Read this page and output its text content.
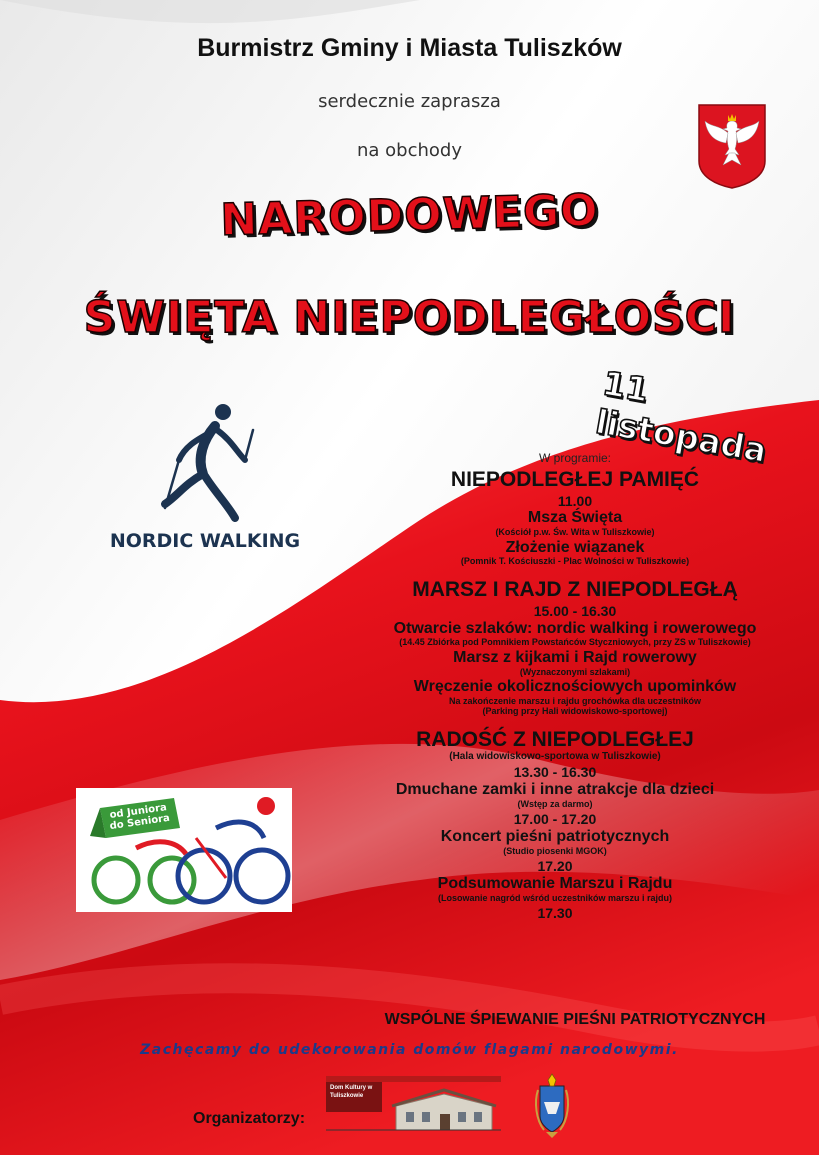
Burmistrz Gminy i Miasta Tuliszków
serdecznie zaprasza
na obchody
NARODOWEGO
ŚWIĘTA NIEPODLEGŁOŚCI
11 listopada
NORDIC WALKING
W programie:
NIEPODLEGŁEJ PAMIĘĆ
11.00
Msza Święta
(Kościół p.w. Św. Wita w Tuliszkowie)
Złożenie wiązanek
(Pomnik T. Kościuszki - Plac Wolności w Tuliszkowie)
MARSZ I RAJD Z NIEPODLEGŁĄ
15.00 - 16.30
Otwarcie szlaków: nordic walking i rowerowego
(14.45 Zbiórka pod Pomnikiem Powstańców Styczniowych, przy ZS w Tuliszkowie)
Marsz z kijkami i Rajd rowerowy
(Wyznaczonymi szlakami)
Wręczenie okolicznościowych upominków
Na zakończenie marszu i rajdu grochówka dla uczestników
(Parking przy Hali widowiskowo-sportowej)
RADOŚĆ Z NIEPODLEGŁEJ
(Hala widowiskowo-sportowa w Tuliszkowie)
13.30 - 16.30
Dmuchane zamki i inne atrakcje dla dzieci
(Wstęp za darmo)
17.00 - 17.20
Koncert pieśni patriotycznych
(Studio piosenki MGOK)
17.20
Podsumowanie Marszu i Rajdu
(Losowanie nagród wśród uczestników marszu i rajdu)
17.30
WSPÓLNE ŚPIEWANIE PIEŚNI PATRIOTYCZNYCH
od Juniora do Seniora
Zachęcamy do udekorowania domów flagami narodowymi.
Organizatorzy:
Dom Kultury w Tuliszkowie
